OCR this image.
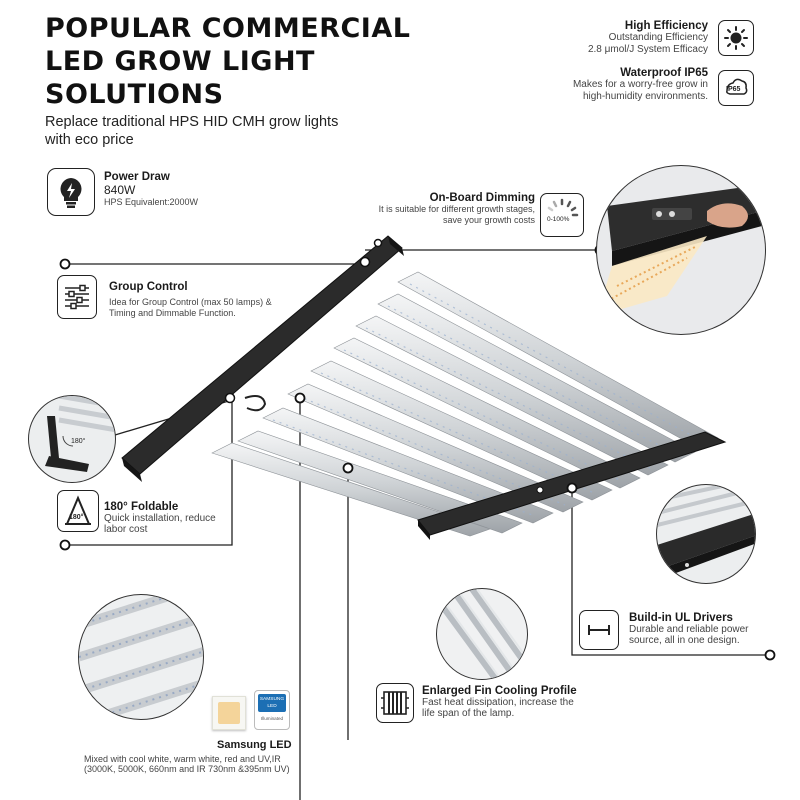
POPULAR COMMERCIAL
LED GROW LIGHT
SOLUTIONS
Replace traditional HPS HID CMH grow lights
with eco price
High Efficiency
Outstanding Efficiency
2.8 μmol/J System Efficacy
Waterproof IP65
Makes for a worry-free grow in
high-humidity environments.
IP65
Power Draw
840W
HPS Equivalent:2000W	On-Board Dimming
It is suitable for different growth stages,
save your growth costs 0-100%
Group Control
Idea for Group Control (max 50 lamps) &
Timing and Dimmable Function.
180°
180°
180° Foldable
Quick installation, reduce
labor cost
Build-in UL Drivers
Durable and reliable power
source, all in one design.
Enlarged Fin Cooling Profile
Fast heat dissipation, increase the
life span of the lamp.
SAMSUNG
LED
Illuminated
Samsung LED
Mixed with cool white, warm white, red and UV,IR
(3000K, 5000K, 660nm and IR 730nm &395nm UV)
